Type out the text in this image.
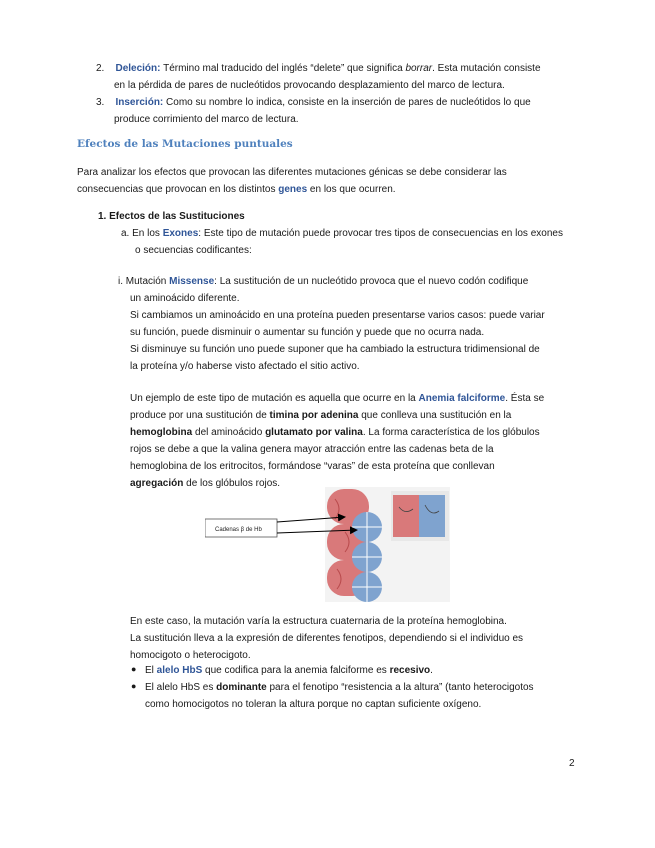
2. Deleción: Término mal traducido del inglés “delete” que significa borrar. Esta mutación consiste
en la pérdida de pares de nucleótidos provocando desplazamiento del marco de lectura.
3. Inserción: Como su nombre lo indica, consiste en la inserción de pares de nucleótidos lo que
produce corrimiento del marco de lectura.
Efectos de las Mutaciones puntuales
Para analizar los efectos que provocan las diferentes mutaciones génicas se debe considerar las
consecuencias que provocan en los distintos genes en los que ocurren.
1. Efectos de las Sustituciones
a. En los Exones: Este tipo de mutación puede provocar tres tipos de consecuencias en los exones
o secuencias codificantes:
i. Mutación Missense: La sustitución de un nucleótido provoca que el nuevo codón codifique
un aminoácido diferente.
Si cambiamos un aminoácido en una proteína pueden presentarse varios casos: puede variar
su función, puede disminuir o aumentar su función y puede que no ocurra nada.
Si disminuye su función uno puede suponer que ha cambiado la estructura tridimensional de
la proteína y/o haberse visto afectado el sitio activo.
Un ejemplo de este tipo de mutación es aquella que ocurre en la Anemia falciforme. Ésta se
produce por una sustitución de timina por adenina que conlleva una sustitución en la
hemoglobina del aminoácido glutamato por valina. La forma característica de los glóbulos
rojos se debe a que la valina genera mayor atracción entre las cadenas beta de la
hemoglobina de los eritrocitos, formándose “varas” de esta proteína que conllevan
agregación de los glóbulos rojos.
Cadenas β de Hb
En este caso, la mutación varía la estructura cuaternaria de la proteína hemoglobina.
La sustitución lleva a la expresión de diferentes fenotipos, dependiendo si el individuo es
homocigoto o heterocigoto.
● El alelo HbS que codifica para la anemia falciforme es recesivo.
● El alelo HbS es dominante para el fenotipo “resistencia a la altura” (tanto heterocigotos
como homocigotos no toleran la altura porque no captan suficiente oxígeno.
2
